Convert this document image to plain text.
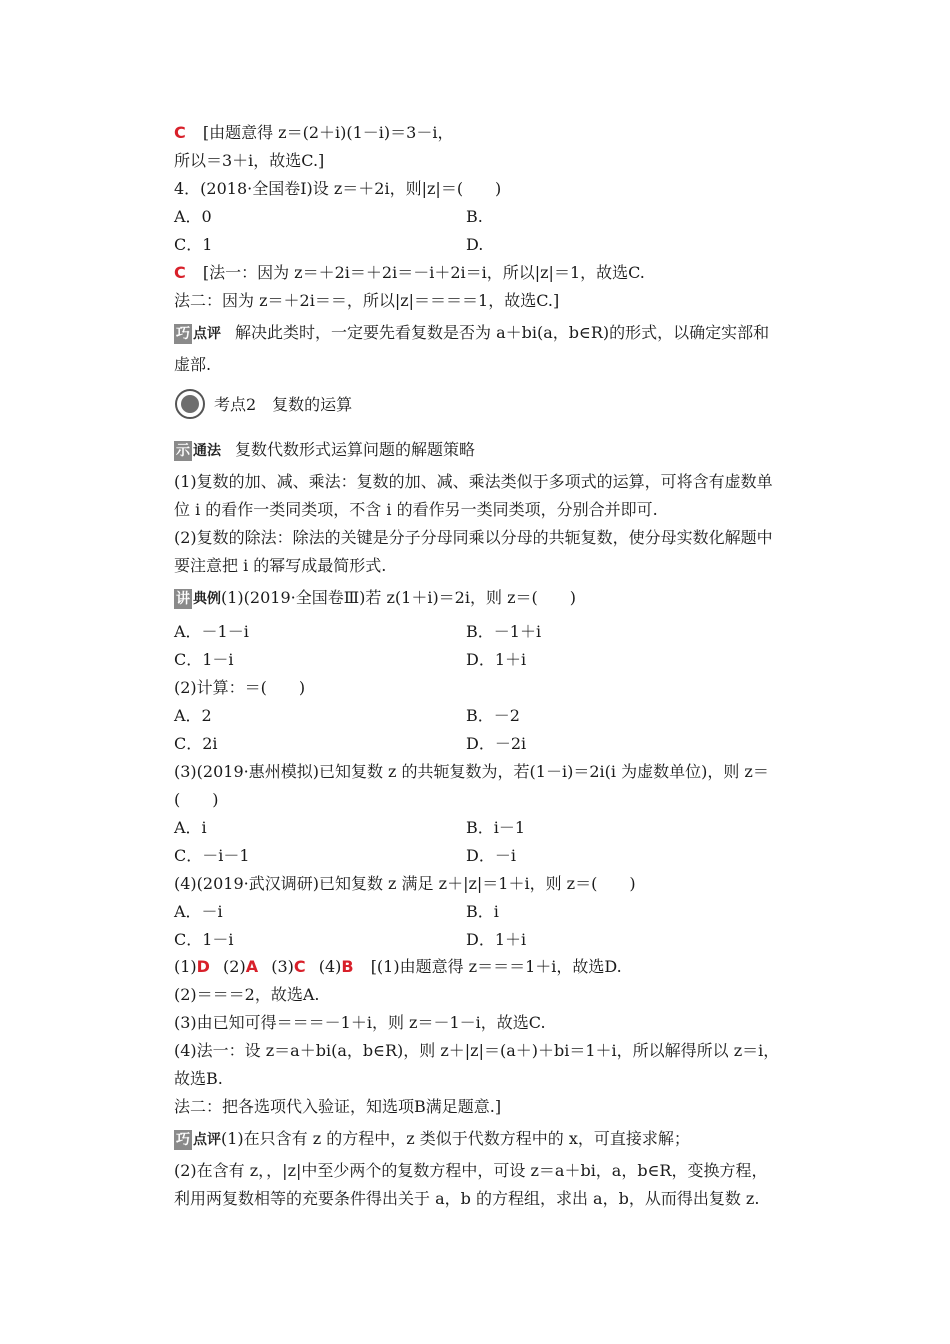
C [由题意得 z＝(2＋i)(1－i)＝3－i，
所以＝3＋i，故选C.]
4．(2018·全国卷Ⅰ)设 z＝＋2i，则|z|＝(　　)
A．0	B.
C．1	D.
C [法一：因为 z＝＋2i＝＋2i＝－i＋2i＝i，所以|z|＝1，故选C.
法二：因为 z＝＋2i＝＝，所以|z|＝＝＝＝1，故选C.]
巧 点评 解决此类时，一定要先看复数是否为 a＋bi(a，b∈R)的形式，以确定实部和
虚部.
考点2　复数的运算
示 通法 复数代数形式运算问题的解题策略
(1)复数的加、减、乘法：复数的加、减、乘法类似于多项式的运算，可将含有虚数单
位 i 的看作一类同类项，不含 i 的看作另一类同类项，分别合并即可.
(2)复数的除法：除法的关键是分子分母同乘以分母的共轭复数，使分母实数化解题中
要注意把 i 的幂写成最简形式.
讲 典例(1)(2019·全国卷Ⅲ)若 z(1＋i)＝2i，则 z＝(　　)
A．－1－i	B．－1＋i
C．1－i	D．1＋i
(2)计算：＝(　　)
A．2	B．－2
C．2i	D．－2i
(3)(2019·惠州模拟)已知复数 z 的共轭复数为，若(1－i)＝2i(i 为虚数单位)，则 z＝
(　　)
A．i	B．i－1
C．－i－1	D．－i
(4)(2019·武汉调研)已知复数 z 满足 z＋|z|＝1＋i，则 z＝(　　)
A．－i	B．i
C．1－i	D．1＋i
(1)D (2)A (3)C (4)B [(1)由题意得 z＝＝＝1＋i，故选D.
(2)＝＝＝2，故选A.
(3)由已知可得＝＝＝－1＋i，则 z＝－1－i，故选C.
(4)法一：设 z＝a＋bi(a，b∈R)，则 z＋|z|＝(a＋)＋bi＝1＋i，所以解得所以 z＝i，
故选B.
法二：把各选项代入验证，知选项B满足题意.]
巧 点评(1)在只含有 z 的方程中，z 类似于代数方程中的 x，可直接求解；
(2)在含有 z，，|z|中至少两个的复数方程中，可设 z＝a＋bi，a，b∈R，变换方程，
利用两复数相等的充要条件得出关于 a，b 的方程组，求出 a，b，从而得出复数 z.
